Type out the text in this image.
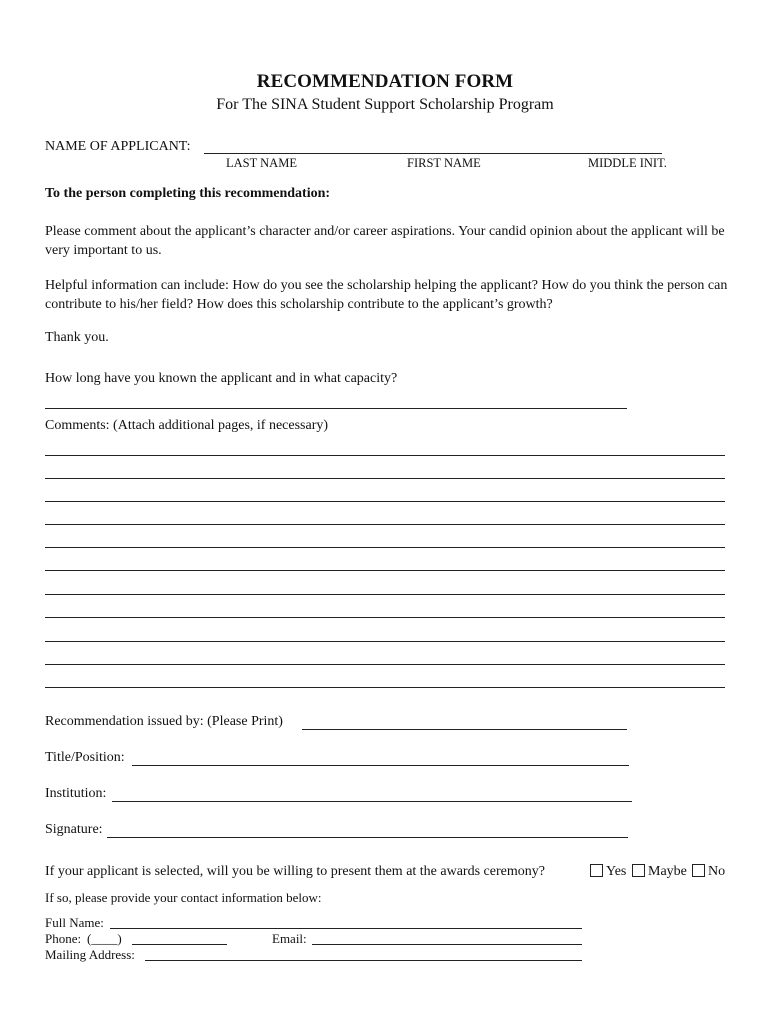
RECOMMENDATION FORM
For The SINA Student Support Scholarship Program
NAME OF APPLICANT:
LAST NAME	FIRST NAME	MIDDLE INIT.
To the person completing this recommendation:
Please comment about the applicant’s character and/or career aspirations. Your candid opinion about the applicant will be very important to us.
Helpful information can include: How do you see the scholarship helping the applicant? How do you think the person can contribute to his/her field? How does this scholarship contribute to the applicant’s growth?
Thank you.
How long have you known the applicant and in what capacity?
Comments: (Attach additional pages, if necessary)
Recommendation issued by: (Please Print)
Title/Position:
Institution:
Signature:
If your applicant is selected, will you be willing to present them at the awards ceremony?	Yes Maybe No
If so, please provide your contact information below:
Full Name:
Phone: (____)	Email:
Mailing Address:
